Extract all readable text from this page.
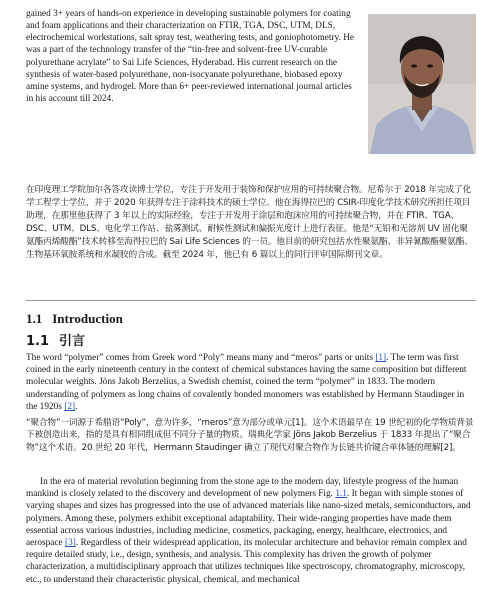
gained 3+ years of hands-on experience in developing sustainable polymers for coating and foam applications and their characterization on FTIR, TGA, DSC, UTM, DLS, electrochemical workstations, salt spray test, weathering tests, and goniophotometry. He was a part of the technology transfer of the “tin-free and solvent-free UV-curable polyurethane acrylate” to Sai Life Sciences, Hyderabad. His current research on the synthesis of water-based polyurethane, non-isocyanate polyurethane, biobased epoxy amine systems, and hydrogel. More than 6+ peer-reviewed international journal articles in his account till 2024.

在印度理工学院加尔各答攻读博士学位，专注于开发用于装饰和保护应用的可持续聚合物。尼希尔于 2018 年完成了化学工程学士学位，并于 2020 年获得专注于涂料技术的硕士学位。他在海得拉巴的 CSIR-印度化学技术研究所担任项目助理，在那里他获得了 3 年以上的实际经验，专注于开发用于涂层和泡沫应用的可持续聚合物，并在 FTIR、TGA、DSC、UTM、DLS、电化学工作站、盐雾测试、耐候性测试和偏振光度计上进行表征。他是“无铅和无溶剂 UV 固化聚氨酯丙烯酸酯”技术转移至海得拉巴的 Sai Life Sciences 的一员。他目前的研究包括水性聚氨酯、非异氰酸酯聚氨酯、生物基环氧胺系统和水凝胶的合成。截至 2024 年，他已有 6 篇以上的同行评审国际期刊文章。

1.1 Introduction
1.1 引言

The word “polymer” comes from Greek word “Poly” means many and “meros” parts or units [1]. The term was first coined in the early nineteenth century in the context of chemical substances having the same composition but different molecular weights. Jöns Jakob Berzelius, a Swedish chemist, coined the term “polymer” in 1833. The modern understanding of polymers as long chains of covalently bonded monomers was established by Hermann Staudinger in the 1920s [2].

“聚合物”一词源于希腊语“Poly”，意为许多，“meros”意为部分或单元[1]。这个术语最早在 19 世纪初的化学物质背景下被创造出来，指的是具有相同组成但不同分子量的物质。瑞典化学家 Jöns Jakob Berzelius 于 1833 年提出了“聚合物”这个术语。20 世纪 20 年代，Hermann Staudinger 确立了现代对聚合物作为长链共价键合单体链的理解[2]。

In the era of material revolution beginning from the stone age to the modern day, lifestyle progress of the human mankind is closely related to the discovery and development of new polymers Fig. 1.1. It began with simple stones of varying shapes and sizes has progressed into the use of advanced materials like nano-sized metals, semiconductors, and polymers. Among these, polymers exhibit exceptional adaptability. Their wide-ranging properties have made them essential across various industries, including medicine, cosmetics, packaging, energy, healthcare, electronics, and aerospace [3]. Regardless of their widespread application, its molecular architecture and behavior remain complex and require detailed study, i.e., design, synthesis, and analysis. This complexity has driven the growth of polymer characterization, a multidisciplinary approach that utilizes techniques like spectroscopy, chromatography, microscopy, etc., to understand their characteristic physical, chemical, and mechanical
